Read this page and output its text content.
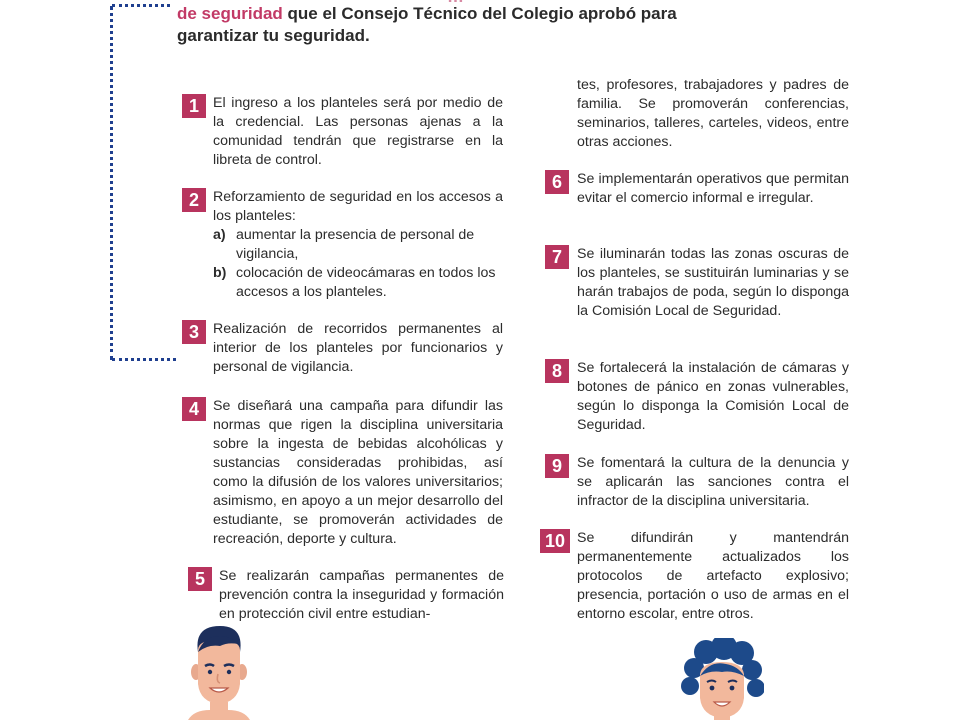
de seguridad que el Consejo Técnico del Colegio aprobó para
garantizar tu seguridad.
1 El ingreso a los planteles será por medio de la credencial. Las personas ajenas a la comunidad tendrán que registrarse en la libreta de control.
2 Reforzamiento de seguridad en los accesos a los planteles:
a) aumentar la presencia de personal de vigilancia,
b) colocación de videocámaras en todos los accesos a los planteles.
3 Realización de recorridos permanentes al interior de los planteles por funcionarios y personal de vigilancia.
4 Se diseñará una campaña para difundir las normas que rigen la disciplina universitaria sobre la ingesta de bebidas alcohólicas y sustancias consideradas prohibidas, así como la difusión de los valores universitarios; asimismo, en apoyo a un mejor desarrollo del estudiante, se promoverán actividades de recreación, deporte y cultura.
5 Se realizarán campañas permanentes de prevención contra la inseguridad y formación en protección civil entre estudian-
tes, profesores, trabajadores y padres de familia. Se promoverán conferencias, seminarios, talleres, carteles, videos, entre otras acciones.
6	Se implementarán operativos que permitan evitar el comercio informal e irregular.
7	Se iluminarán todas las zonas oscuras de los planteles, se sustituirán luminarias y se harán trabajos de poda, según lo disponga la Comisión Local de Seguridad.
8	Se fortalecerá la instalación de cámaras y botones de pánico en zonas vulnerables, según lo disponga la Comisión Local de Seguridad.
9	Se fomentará la cultura de la denuncia y se aplicarán las sanciones contra el infractor de la disciplina universitaria.
10 Se difundirán y mantendrán permanentemente actualizados los protocolos de artefacto explosivo; presencia, portación o uso de armas en el entorno escolar, entre otros.
